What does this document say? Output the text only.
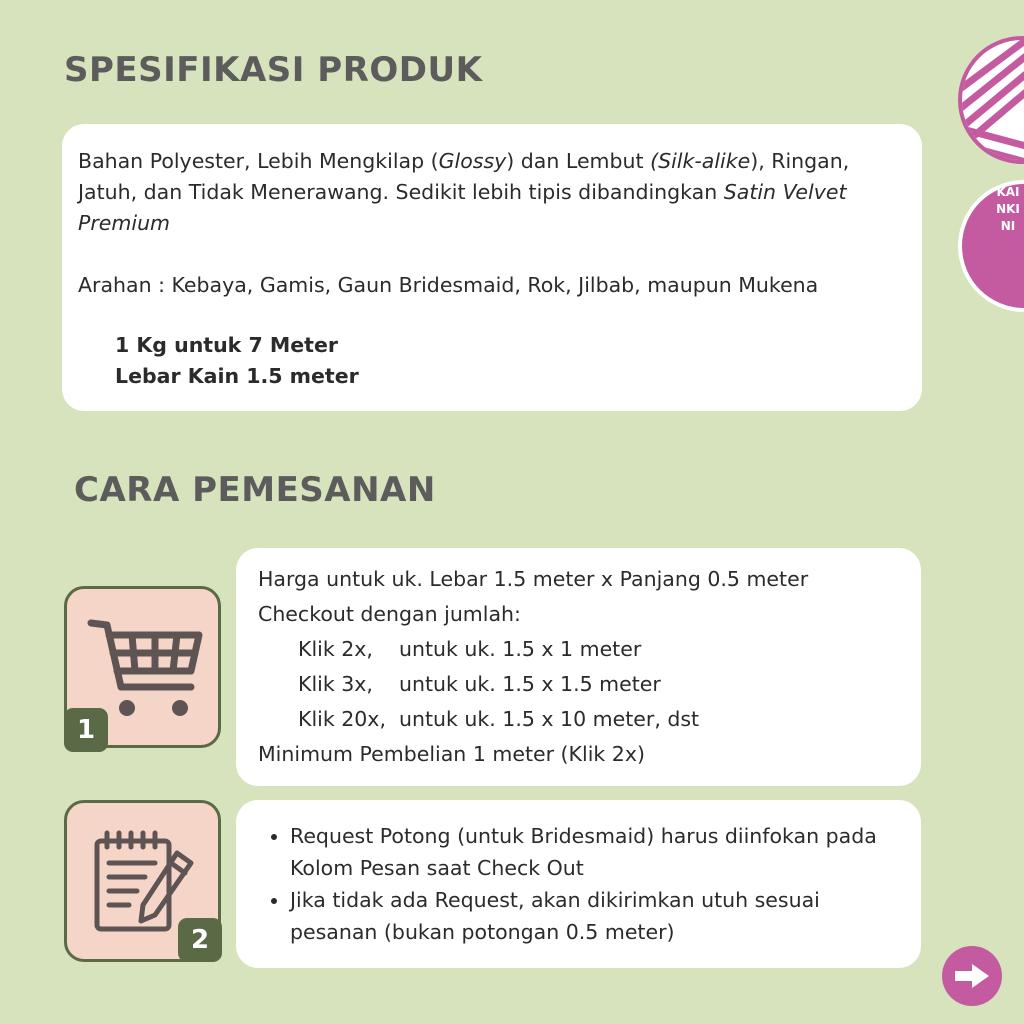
SPESIFIKASI PRODUK
CARA PEMESANAN

Bahan Polyester, Lebih Mengkilap (Glossy) dan Lembut (Silk-alike), Ringan, Jatuh, dan Tidak Menerawang. Sedikit lebih tipis dibandingkan Satin Velvet Premium

Arahan : Kebaya, Gamis, Gaun Bridesmaid, Rok, Jilbab, maupun Mukena

1 Kg untuk 7 Meter
Lebar Kain 1.5 meter
1
Harga untuk uk. Lebar 1.5 meter x Panjang 0.5 meter
Checkout dengan jumlah:
Klik 2x,    untuk uk. 1.5 x 1 meter
Klik 3x,    untuk uk. 1.5 x 1.5 meter
Klik 20x,  untuk uk. 1.5 x 10 meter, dst
Minimum Pembelian 1 meter (Klik 2x)
2
• Request Potong (untuk Bridesmaid) harus diinfokan pada Kolom Pesan saat Check Out
• Jika tidak ada Request, akan dikirimkan utuh sesuai pesanan (bukan potongan 0.5 meter)
KAINKINI
